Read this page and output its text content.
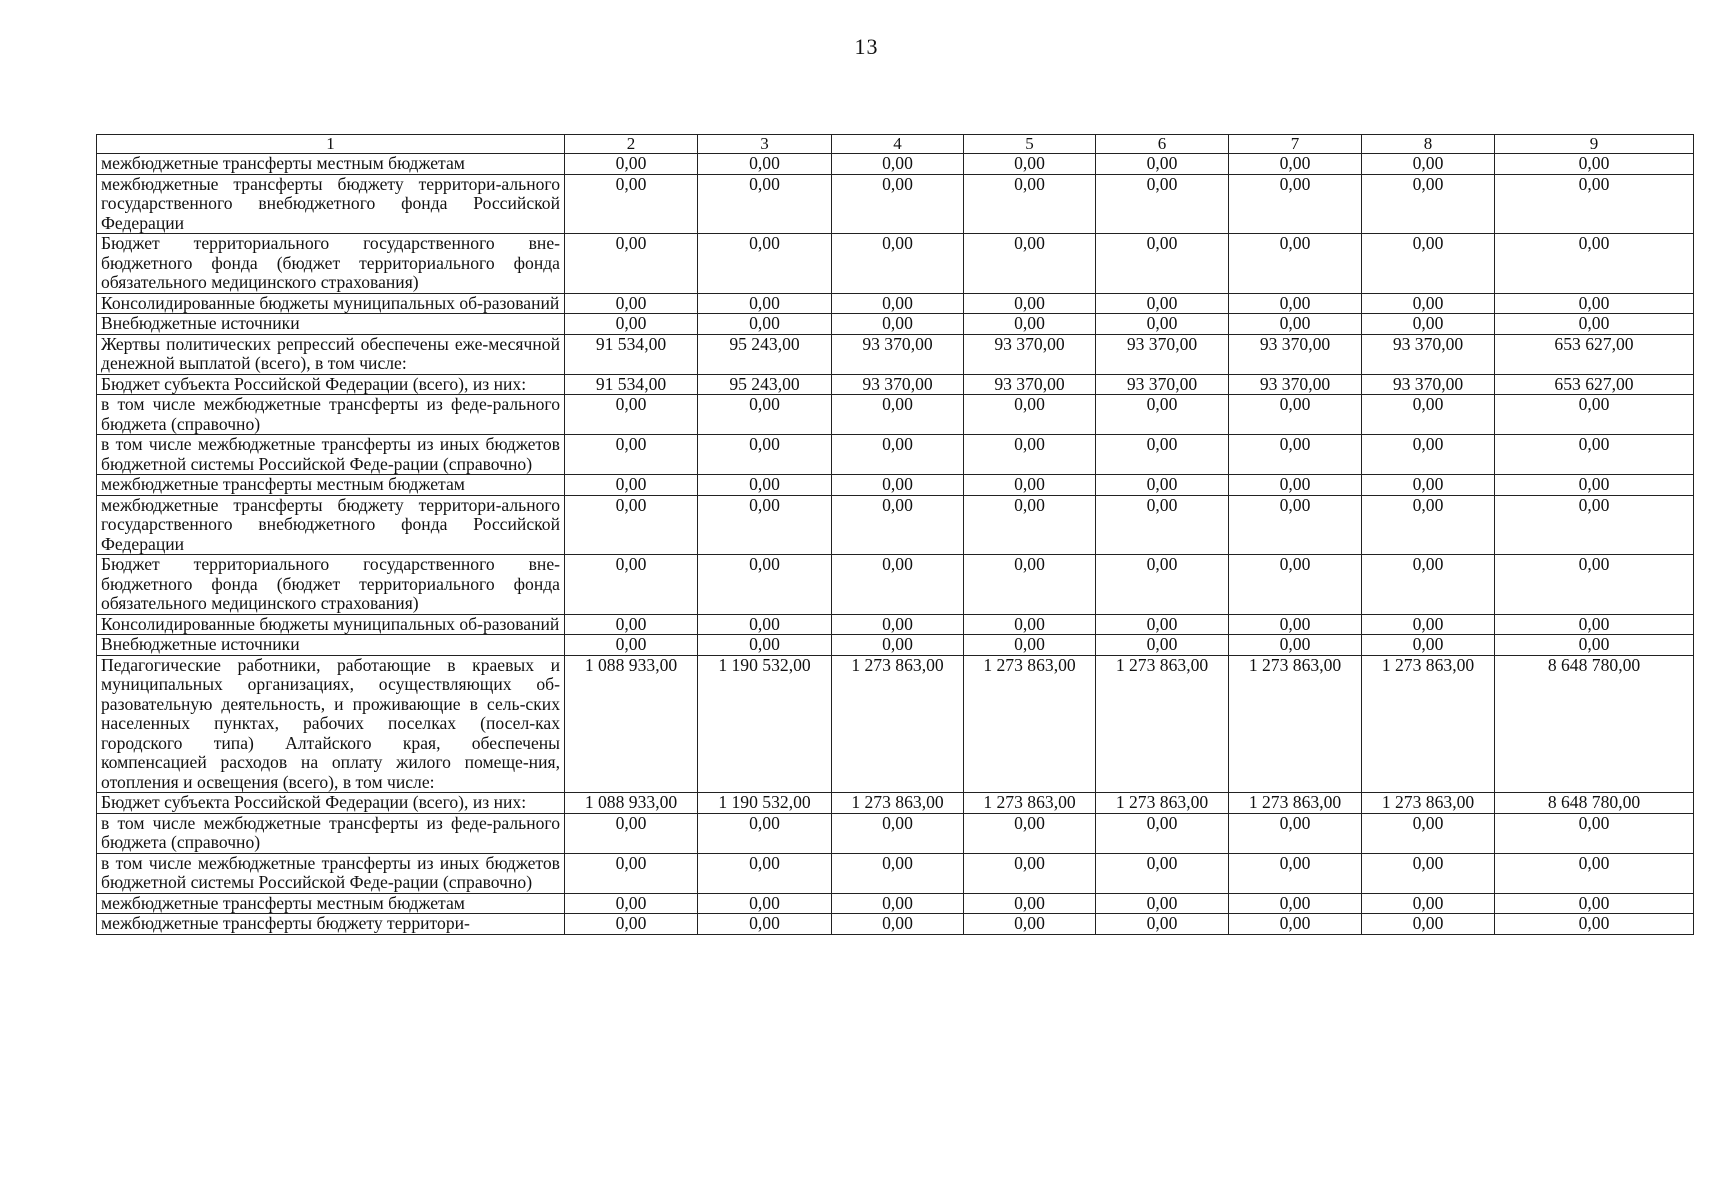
13
1	2	3	4	5	6	7	8	9
межбюджетные трансферты местным бюджетам	0,00	0,00	0,00	0,00	0,00	0,00	0,00	0,00
межбюджетные трансферты бюджету территори-ального государственного внебюджетного фонда Российской Федерации	0,00	0,00	0,00	0,00	0,00	0,00	0,00	0,00
Бюджет территориального государственного вне-бюджетного фонда (бюджет территориального фонда обязательного медицинского страхования)	0,00	0,00	0,00	0,00	0,00	0,00	0,00	0,00
Консолидированные бюджеты муниципальных об-разований	0,00	0,00	0,00	0,00	0,00	0,00	0,00	0,00
Внебюджетные источники	0,00	0,00	0,00	0,00	0,00	0,00	0,00	0,00
Жертвы политических репрессий обеспечены еже-месячной денежной выплатой (всего), в том числе:	91 534,00	95 243,00	93 370,00	93 370,00	93 370,00	93 370,00	93 370,00	653 627,00
Бюджет субъекта Российской Федерации (всего), из них:	91 534,00	95 243,00	93 370,00	93 370,00	93 370,00	93 370,00	93 370,00	653 627,00
в том числе межбюджетные трансферты из феде-рального бюджета (справочно)	0,00	0,00	0,00	0,00	0,00	0,00	0,00	0,00
в том числе межбюджетные трансферты из иных бюджетов бюджетной системы Российской Феде-рации (справочно)	0,00	0,00	0,00	0,00	0,00	0,00	0,00	0,00
межбюджетные трансферты местным бюджетам	0,00	0,00	0,00	0,00	0,00	0,00	0,00	0,00
межбюджетные трансферты бюджету территори-ального государственного внебюджетного фонда Российской Федерации	0,00	0,00	0,00	0,00	0,00	0,00	0,00	0,00
Бюджет территориального государственного вне-бюджетного фонда (бюджет территориального фонда обязательного медицинского страхования)	0,00	0,00	0,00	0,00	0,00	0,00	0,00	0,00
Консолидированные бюджеты муниципальных об-разований	0,00	0,00	0,00	0,00	0,00	0,00	0,00	0,00
Внебюджетные источники	0,00	0,00	0,00	0,00	0,00	0,00	0,00	0,00
Педагогические работники, работающие в краевых и муниципальных организациях, осуществляющих об-разовательную деятельность, и проживающие в сель-ских населенных пунктах, рабочих поселках (посел-ках городского типа) Алтайского края, обеспечены компенсацией расходов на оплату жилого помеще-ния, отопления и освещения (всего), в том числе:	1 088 933,00	1 190 532,00	1 273 863,00	1 273 863,00	1 273 863,00	1 273 863,00	1 273 863,00	8 648 780,00
Бюджет субъекта Российской Федерации (всего), из них:	1 088 933,00	1 190 532,00	1 273 863,00	1 273 863,00	1 273 863,00	1 273 863,00	1 273 863,00	8 648 780,00
в том числе межбюджетные трансферты из феде-рального бюджета (справочно)	0,00	0,00	0,00	0,00	0,00	0,00	0,00	0,00
в том числе межбюджетные трансферты из иных бюджетов бюджетной системы Российской Феде-рации (справочно)	0,00	0,00	0,00	0,00	0,00	0,00	0,00	0,00
межбюджетные трансферты местным бюджетам	0,00	0,00	0,00	0,00	0,00	0,00	0,00	0,00
межбюджетные трансферты бюджету территори-	0,00	0,00	0,00	0,00	0,00	0,00	0,00	0,00
